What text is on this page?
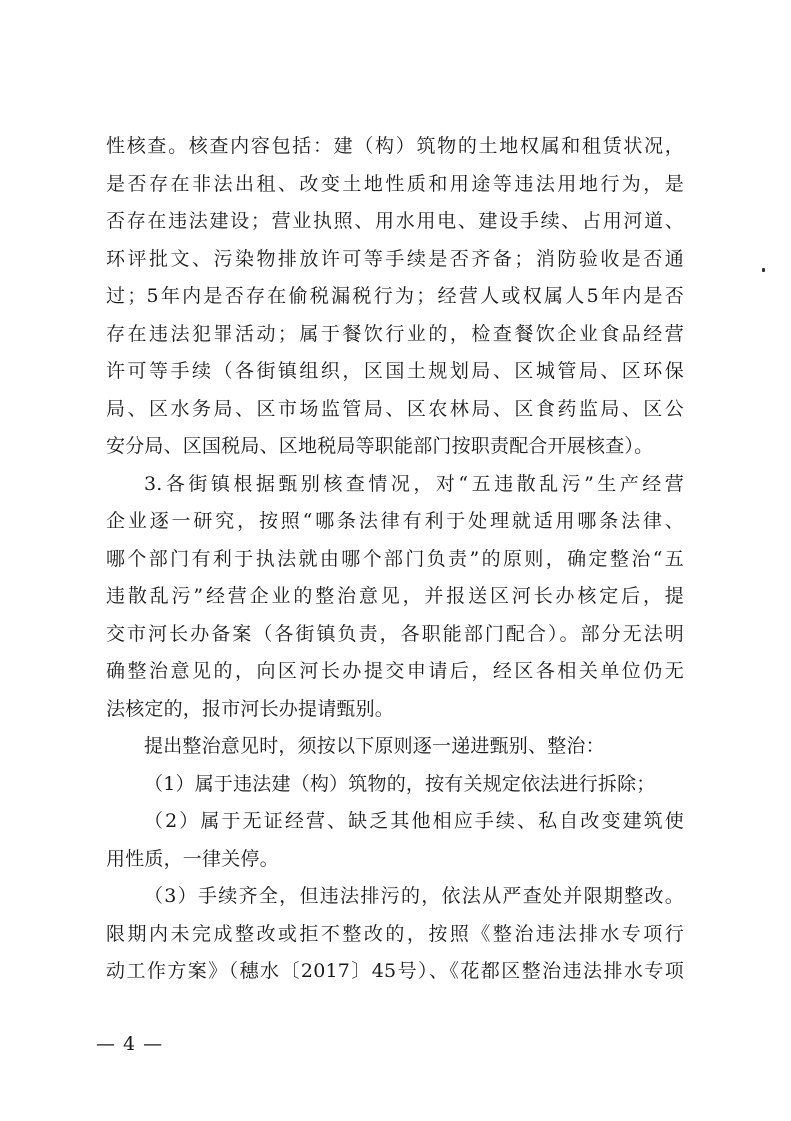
性核查。核查内容包括：建（构）筑物的土地权属和租赁状况，
是否存在非法出租、改变土地性质和用途等违法用地行为，是
否存在违法建设；营业执照、用水用电、建设手续、占用河道、
环评批文、污染物排放许可等手续是否齐备；消防验收是否通
过；5年内是否存在偷税漏税行为；经营人或权属人5年内是否
存在违法犯罪活动；属于餐饮行业的，检查餐饮企业食品经营
许可等手续（各街镇组织，区国土规划局、区城管局、区环保
局、区水务局、区市场监管局、区农林局、区食药监局、区公
安分局、区国税局、区地税局等职能部门按职责配合开展核查）。
3.各街镇根据甄别核查情况，对“五违散乱污”生产经营
企业逐一研究，按照“哪条法律有利于处理就适用哪条法律、
哪个部门有利于执法就由哪个部门负责”的原则，确定整治“五
违散乱污”经营企业的整治意见，并报送区河长办核定后，提
交市河长办备案（各街镇负责，各职能部门配合）。部分无法明
确整治意见的，向区河长办提交申请后，经区各相关单位仍无
法核定的，报市河长办提请甄别。
提出整治意见时，须按以下原则逐一递进甄别、整治：
（1）属于违法建（构）筑物的，按有关规定依法进行拆除；
（2）属于无证经营、缺乏其他相应手续、私自改变建筑使
用性质，一律关停。
（3）手续齐全，但违法排污的，依法从严查处并限期整改。
限期内未完成整改或拒不整改的，按照《整治违法排水专项行
动工作方案》（穗水〔2017〕45号）、《花都区整治违法排水专项
— 4 —
